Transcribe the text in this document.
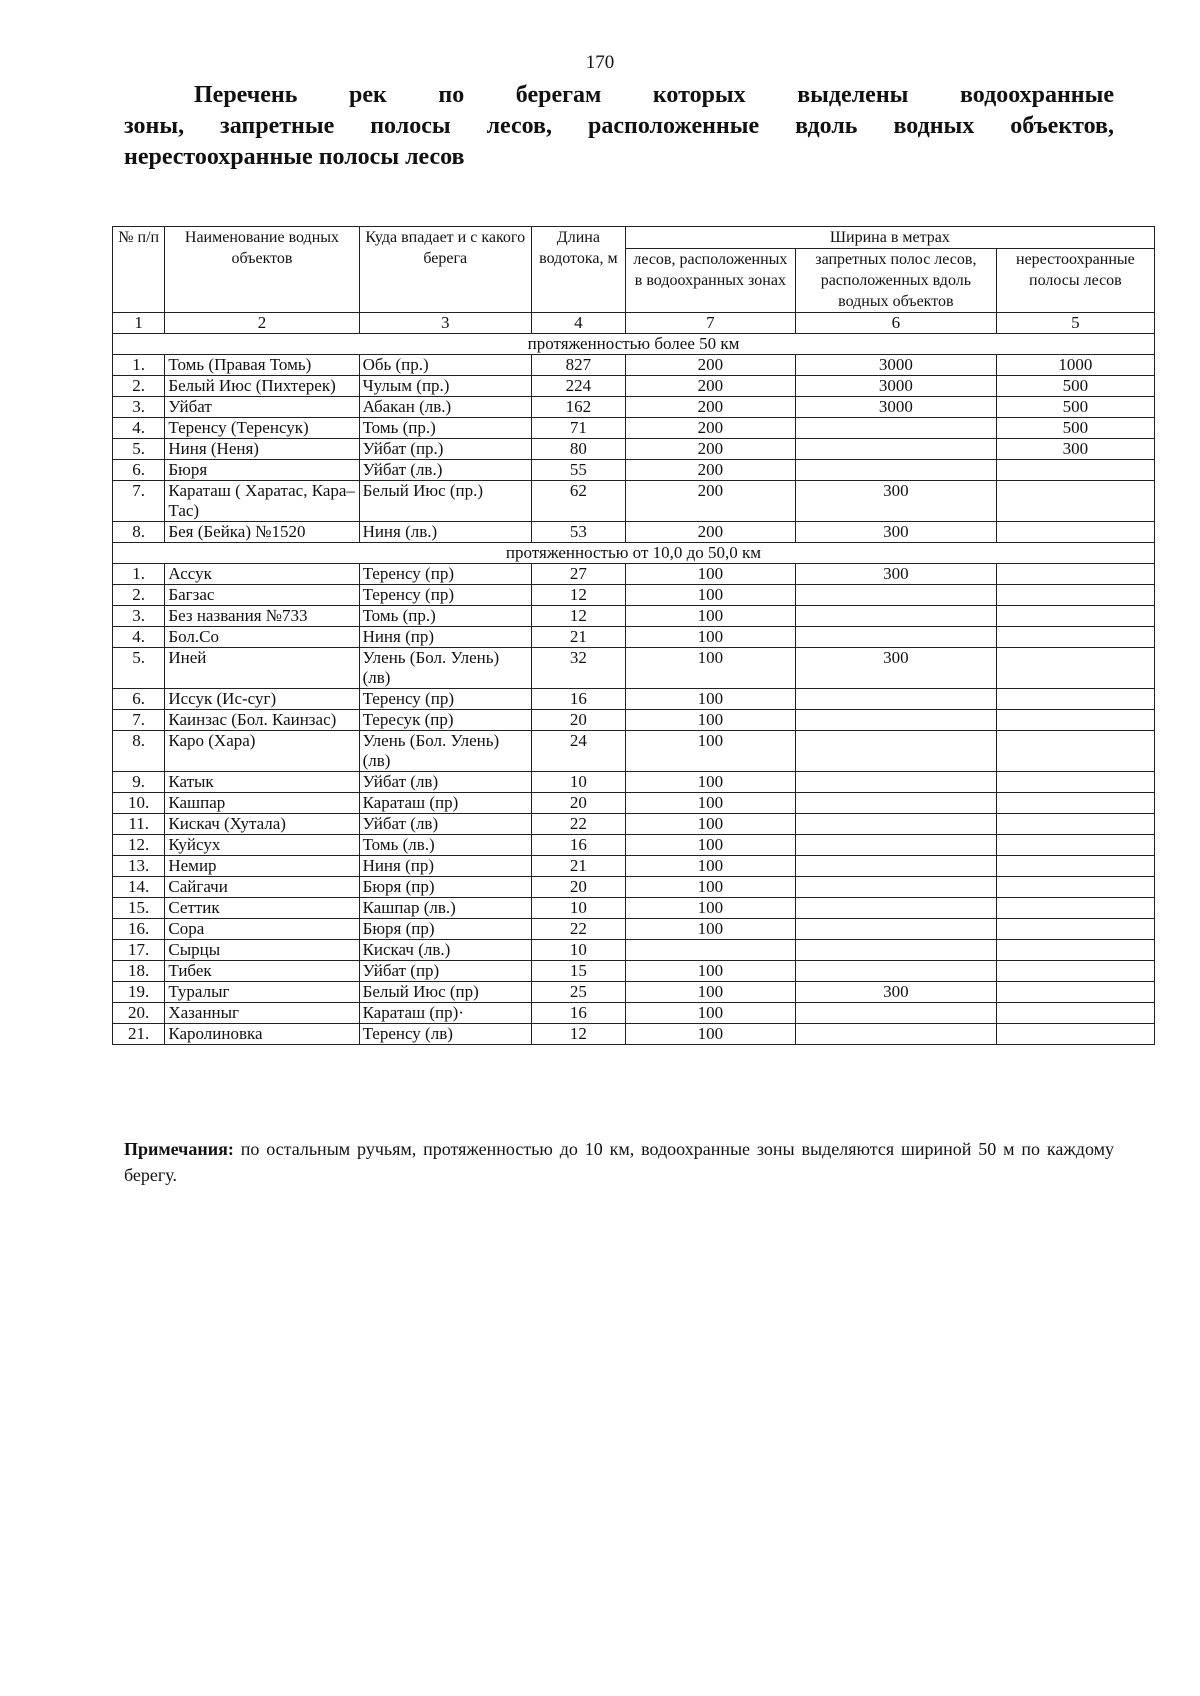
170
Перечень рек по берегам которых выделены водоохранные
зоны, запретные полосы лесов, расположенные вдоль водных объектов,
нерестоохранные полосы лесов
№ п/п	Наименование водных объектов	Куда впадает и с какого берега	Длина водотока, м	Ширина в метрах		
				лесов, расположенных в водоохранных зонах	запретных полос лесов, расположенных вдоль водных объектов	нерестоохранные полосы лесов
1	2	3	4	7	6	5
протяженностью более 50 км						
1.	Томь (Правая Томь)	Обь (пр.)	827	200	3000	1000
2.	Белый Июс (Пихтерек)	Чулым (пр.)	224	200	3000	500
3.	Уйбат	Абакан (лв.)	162	200	3000	500
4.	Теренсу (Теренсук)	Томь (пр.)	71	200		500
5.	Ниня (Неня)	Уйбат (пр.)	80	200		300
6.	Бюря	Уйбат (лв.)	55	200		
7.	Караташ ( Харатас, Кара–Тас)	Белый Июс (пр.)	62	200	300	
8.	Бея (Бейка) №1520	Ниня (лв.)	53	200	300	
протяженностью от 10,0 до 50,0 км						
1.	Ассук	Теренсу (пр)	27	100	300	
2.	Багзас	Теренсу (пр)	12	100		
3.	Без названия №733	Томь (пр.)	12	100		
4.	Бол.Со	Ниня (пр)	21	100		
5.	Иней	Улень (Бол. Улень) (лв)	32	100	300	
6.	Иссук (Ис-суг)	Теренсу (пр)	16	100		
7.	Каинзас (Бол. Каинзас)	Тересук (пр)	20	100		
8.	Каро (Хара)	Улень (Бол. Улень) (лв)	24	100		
9.	Катык	Уйбат (лв)	10	100		
10.	Кашпар	Караташ (пр)	20	100		
11.	Кискач (Хутала)	Уйбат (лв)	22	100		
12.	Куйсух	Томь (лв.)	16	100		
13.	Немир	Ниня (пр)	21	100		
14.	Сайгачи	Бюря (пр)	20	100		
15.	Сеттик	Кашпар (лв.)	10	100		
16.	Сора	Бюря (пр)	22	100		
17.	Сырцы	Кискач (лв.)	10			
18.	Тибек	Уйбат (пр)	15	100		
19.	Туралыг	Белый Июс (пр)	25	100	300	
20.	Хазанныг	Караташ (пр)·	16	100		
21.	Каролиновка	Теренсу (лв)	12	100		

Примечания: по остальным ручьям, протяженностью до 10 км, водоохранные зоны выделяются шириной 50 м по каждому берегу.
